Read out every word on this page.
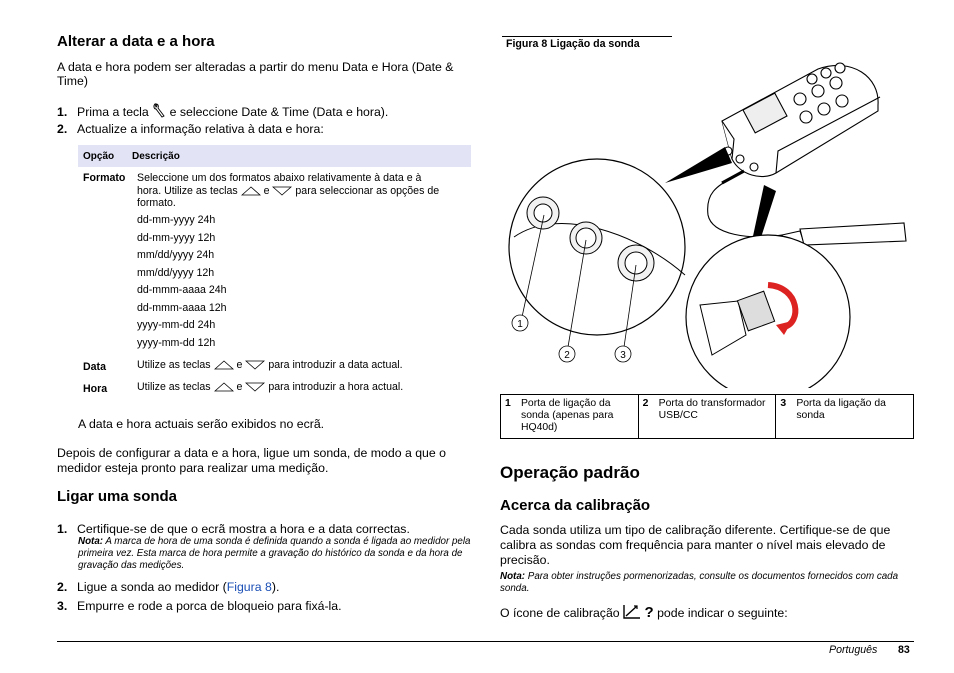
Alterar a data e a hora
A data e hora podem ser alteradas a partir do menu Data e Hora (Date & Time)
1. Prima a tecla e seleccione Date & Time (Data e hora).
2. Actualize a informação relativa à data e hora:
Opção	Descrição
Formato Seleccione um dos formatos abaixo relativamente à data e à
hora. Utilize as teclas e para seleccionar as opções de
formato.
dd-mm-yyyy 24h
dd-mm-yyyy 12h
mm/dd/yyyy 24h
mm/dd/yyyy 12h
dd-mmm-aaaa 24h
dd-mmm-aaaa 12h
yyyy-mm-dd 24h
yyyy-mm-dd 12h
Data	Utilize as teclas e para introduzir a data actual.
Hora	Utilize as teclas e para introduzir a hora actual.
A data e hora actuais serão exibidos no ecrã.
Depois de configurar a data e a hora, ligue um sonda, de modo a que o medidor esteja pronto para realizar uma medição.
Ligar uma sonda
1. Certifique-se de que o ecrã mostra a hora e a data correctas.
Nota: A marca de hora de uma sonda é definida quando a sonda é ligada ao medidor pela primeira vez. Esta marca de hora permite a gravação do histórico da sonda e da hora de gravação das medições.
2. Ligue a sonda ao medidor (Figura 8).
3. Empurre e rode a porca de bloqueio para fixá-la.
Figura 8 Ligação da sonda
1
2	3
1 Porta de ligação da sonda (apenas para HQ40d)
2 Porta do transformador USB/CC
3 Porta da ligação da sonda
Operação padrão
Acerca da calibração
Cada sonda utiliza um tipo de calibração diferente. Certifique-se de que calibra as sondas com frequência para manter o nível mais elevado de precisão.
Nota: Para obter instruções pormenorizadas, consulte os documentos fornecidos com cada sonda.
O ícone de calibração ? pode indicar o seguinte:
Português 83
